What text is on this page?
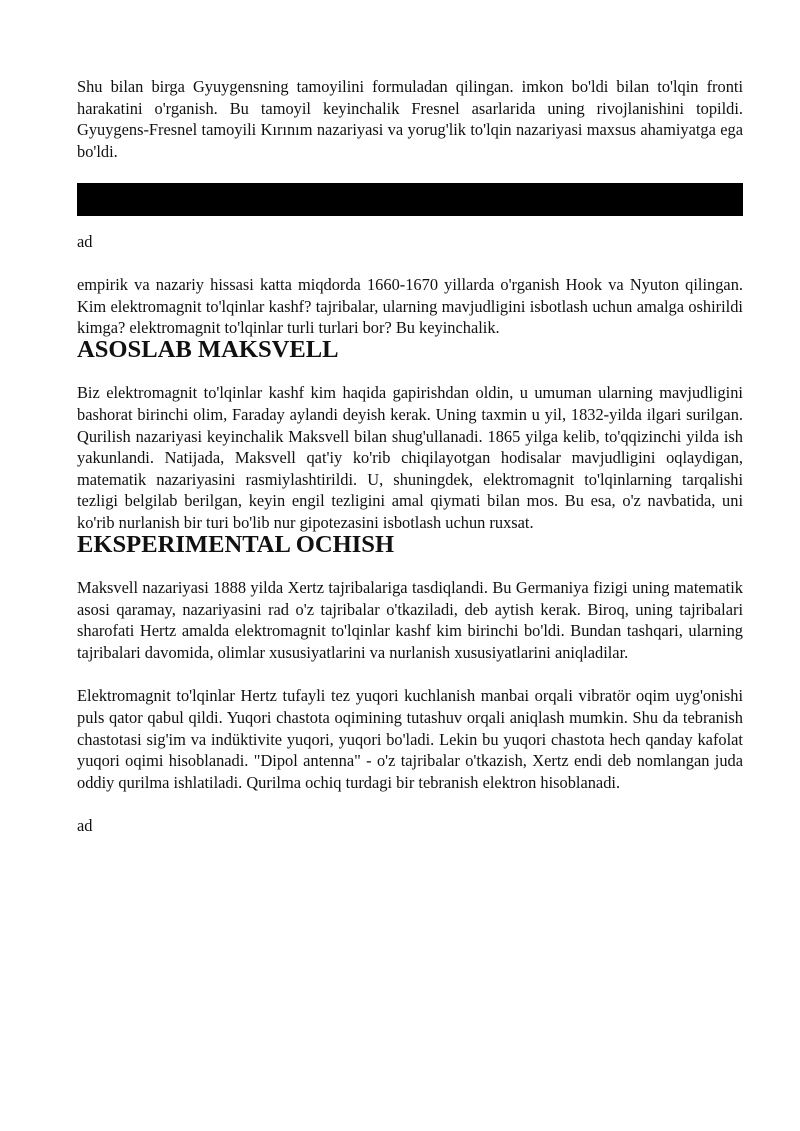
Shu bilan birga Gyuygensning tamoyilini formuladan qilingan. imkon bo'ldi bilan to'lqin fronti harakatini o'rganish. Bu tamoyil keyinchalik Fresnel asarlarida uning rivojlanishini topildi. Gyuygens-Fresnel tamoyili Kırınım nazariyasi va yorug'lik to'lqin nazariyasi maxsus ahamiyatga ega bo'ldi.

ad

empirik va nazariy hissasi katta miqdorda 1660-1670 yillarda o'rganish Hook va Nyuton qilingan. Kim elektromagnit to'lqinlar kashf? tajribalar, ularning mavjudligini isbotlash uchun amalga oshirildi kimga? elektromagnit to'lqinlar turli turlari bor? Bu keyinchalik.

ASOSLAB MAKSVELL

Biz elektromagnit to'lqinlar kashf kim haqida gapirishdan oldin, u umuman ularning mavjudligini bashorat birinchi olim, Faraday aylandi deyish kerak. Uning taxmin u yil, 1832-yilda ilgari surilgan. Qurilish nazariyasi keyinchalik Maksvell bilan shug'ullanadi. 1865 yilga kelib, to'qqizinchi yilda ish yakunlandi. Natijada, Maksvell qat'iy ko'rib chiqilayotgan hodisalar mavjudligini oqlaydigan, matematik nazariyasini rasmiylashtirildi. U, shuningdek, elektromagnit to'lqinlarning tarqalishi tezligi belgilab berilgan, keyin engil tezligini amal qiymati bilan mos. Bu esa, o'z navbatida, uni ko'rib nurlanish bir turi bo'lib nur gipotezasini isbotlash uchun ruxsat.

EKSPERIMENTAL OCHISH

Maksvell nazariyasi 1888 yilda Xertz tajribalariga tasdiqlandi. Bu Germaniya fizigi uning matematik asosi qaramay, nazariyasini rad o'z tajribalar o'tkaziladi, deb aytish kerak. Biroq, uning tajribalari sharofati Hertz amalda elektromagnit to'lqinlar kashf kim birinchi bo'ldi. Bundan tashqari, ularning tajribalari davomida, olimlar xususiyatlarini va nurlanish xususiyatlarini aniqladilar.

Elektromagnit to'lqinlar Hertz tufayli tez yuqori kuchlanish manbai orqali vibratör oqim uyg'onishi puls qator qabul qildi. Yuqori chastota oqimining tutashuv orqali aniqlash mumkin. Shu da tebranish chastotasi sig'im va indüktivite yuqori, yuqori bo'ladi. Lekin bu yuqori chastota hech qanday kafolat yuqori oqimi hisoblanadi. "Dipol antenna" - o'z tajribalar o'tkazish, Xertz endi deb nomlangan juda oddiy qurilma ishlatiladi. Qurilma ochiq turdagi bir tebranish elektron hisoblanadi.

ad
